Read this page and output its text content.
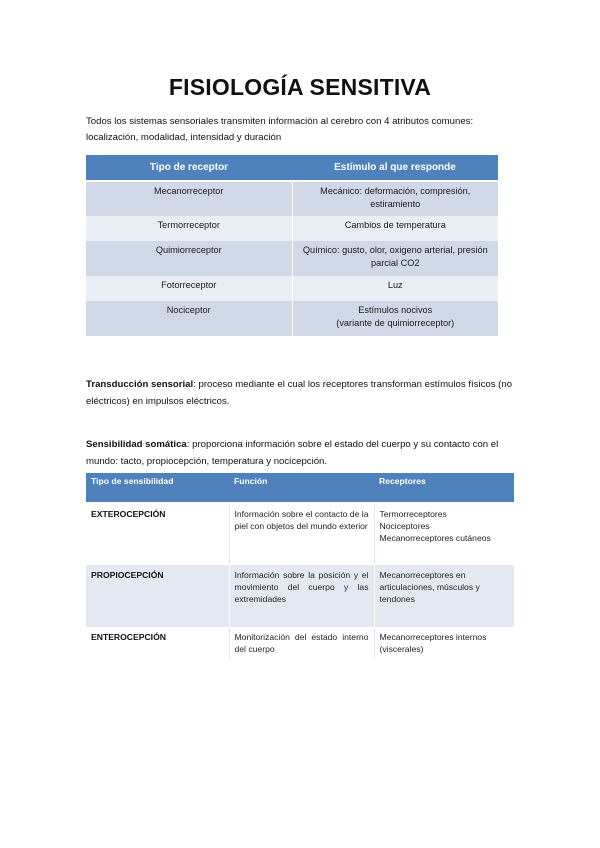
FISIOLOGÍA SENSITIVA
Todos los sistemas sensoriales transmiten información al cerebro con 4 atributos comunes: localización, modalidad, intensidad y duración
Tipo de receptor	Estímulo al que responde
Mecanorreceptor	Mecánico: deformación, compresión,
estiramiento

Termorreceptor	Cambios de temperatura

Quimiorreceptor	Químico: gusto, olor, oxigeno arterial, presión
parcial CO2

Fotorreceptor	Luz

Nociceptor	Estímulos nocivos
(variante de quimiorreceptor)
Transducción sensorial: proceso mediante el cual los receptores transforman estímulos físicos (no eléctricos) en impulsos eléctricos.
Sensibilidad somática: proporciona información sobre el estado del cuerpo y su contacto con el mundo: tacto, propiocepción, temperatura y nocicepción.
Tipo de sensibilidad	Función	Receptores
EXTEROCEPCIÓN	Información sobre el contacto de la piel con objetos del mundo exterior	Termorreceptores
Nociceptores
Mecanorreceptores cutáneos

PROPIOCEPCIÓN	Información sobre la posición y el movimiento del cuerpo y las extremidades	Mecanorreceptores en articulaciones, músculos y tendones

ENTEROCEPCIÓN	Monitorización del estado interno del cuerpo	Mecanorreceptores internos (viscerales)
